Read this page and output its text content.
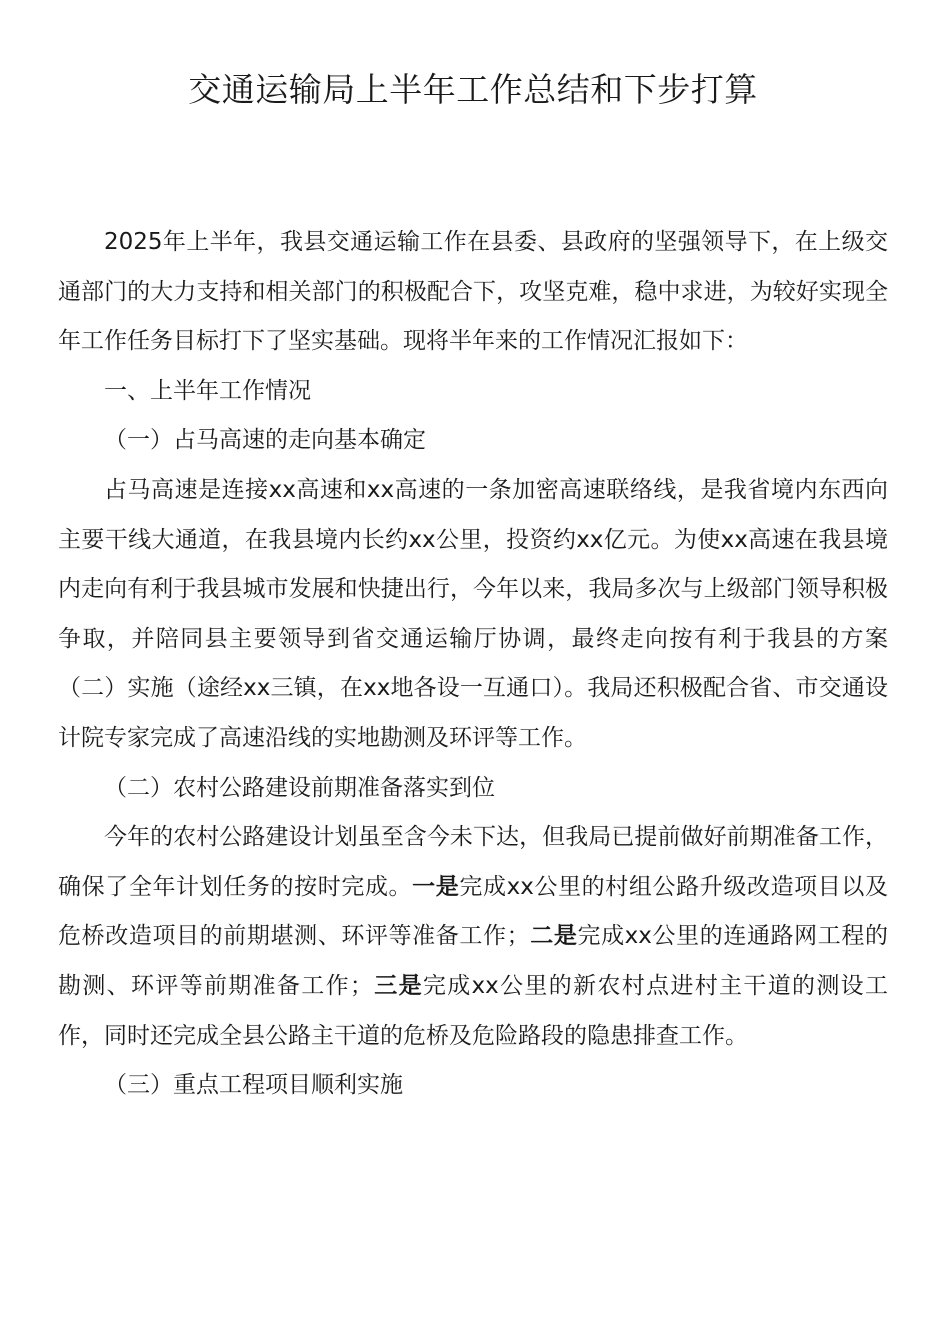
交通运输局上半年工作总结和下步打算

2025年上半年，我县交通运输工作在县委、县政府的坚强领导下，在上级交通部门的大力支持和相关部门的积极配合下，攻坚克难，稳中求进，为较好实现全年工作任务目标打下了坚实基础。现将半年来的工作情况汇报如下：

一、上半年工作情况

（一）占马高速的走向基本确定

占马高速是连接xx高速和xx高速的一条加密高速联络线，是我省境内东西向主要干线大通道，在我县境内长约xx公里，投资约xx亿元。为使xx高速在我县境内走向有利于我县城市发展和快捷出行，今年以来，我局多次与上级部门领导积极争取，并陪同县主要领导到省交通运输厅协调，最终走向按有利于我县的方案（二）实施（途经xx三镇，在xx地各设一互通口）。我局还积极配合省、市交通设计院专家完成了高速沿线的实地勘测及环评等工作。

（二）农村公路建设前期准备落实到位

今年的农村公路建设计划虽至含今未下达，但我局已提前做好前期准备工作，确保了全年计划任务的按时完成。一是完成xx公里的村组公路升级改造项目以及危桥改造项目的前期堪测、环评等准备工作；二是完成xx公里的连通路网工程的勘测、环评等前期准备工作；三是完成xx公里的新农村点进村主干道的测设工作，同时还完成全县公路主干道的危桥及危险路段的隐患排查工作。

（三）重点工程项目顺利实施
